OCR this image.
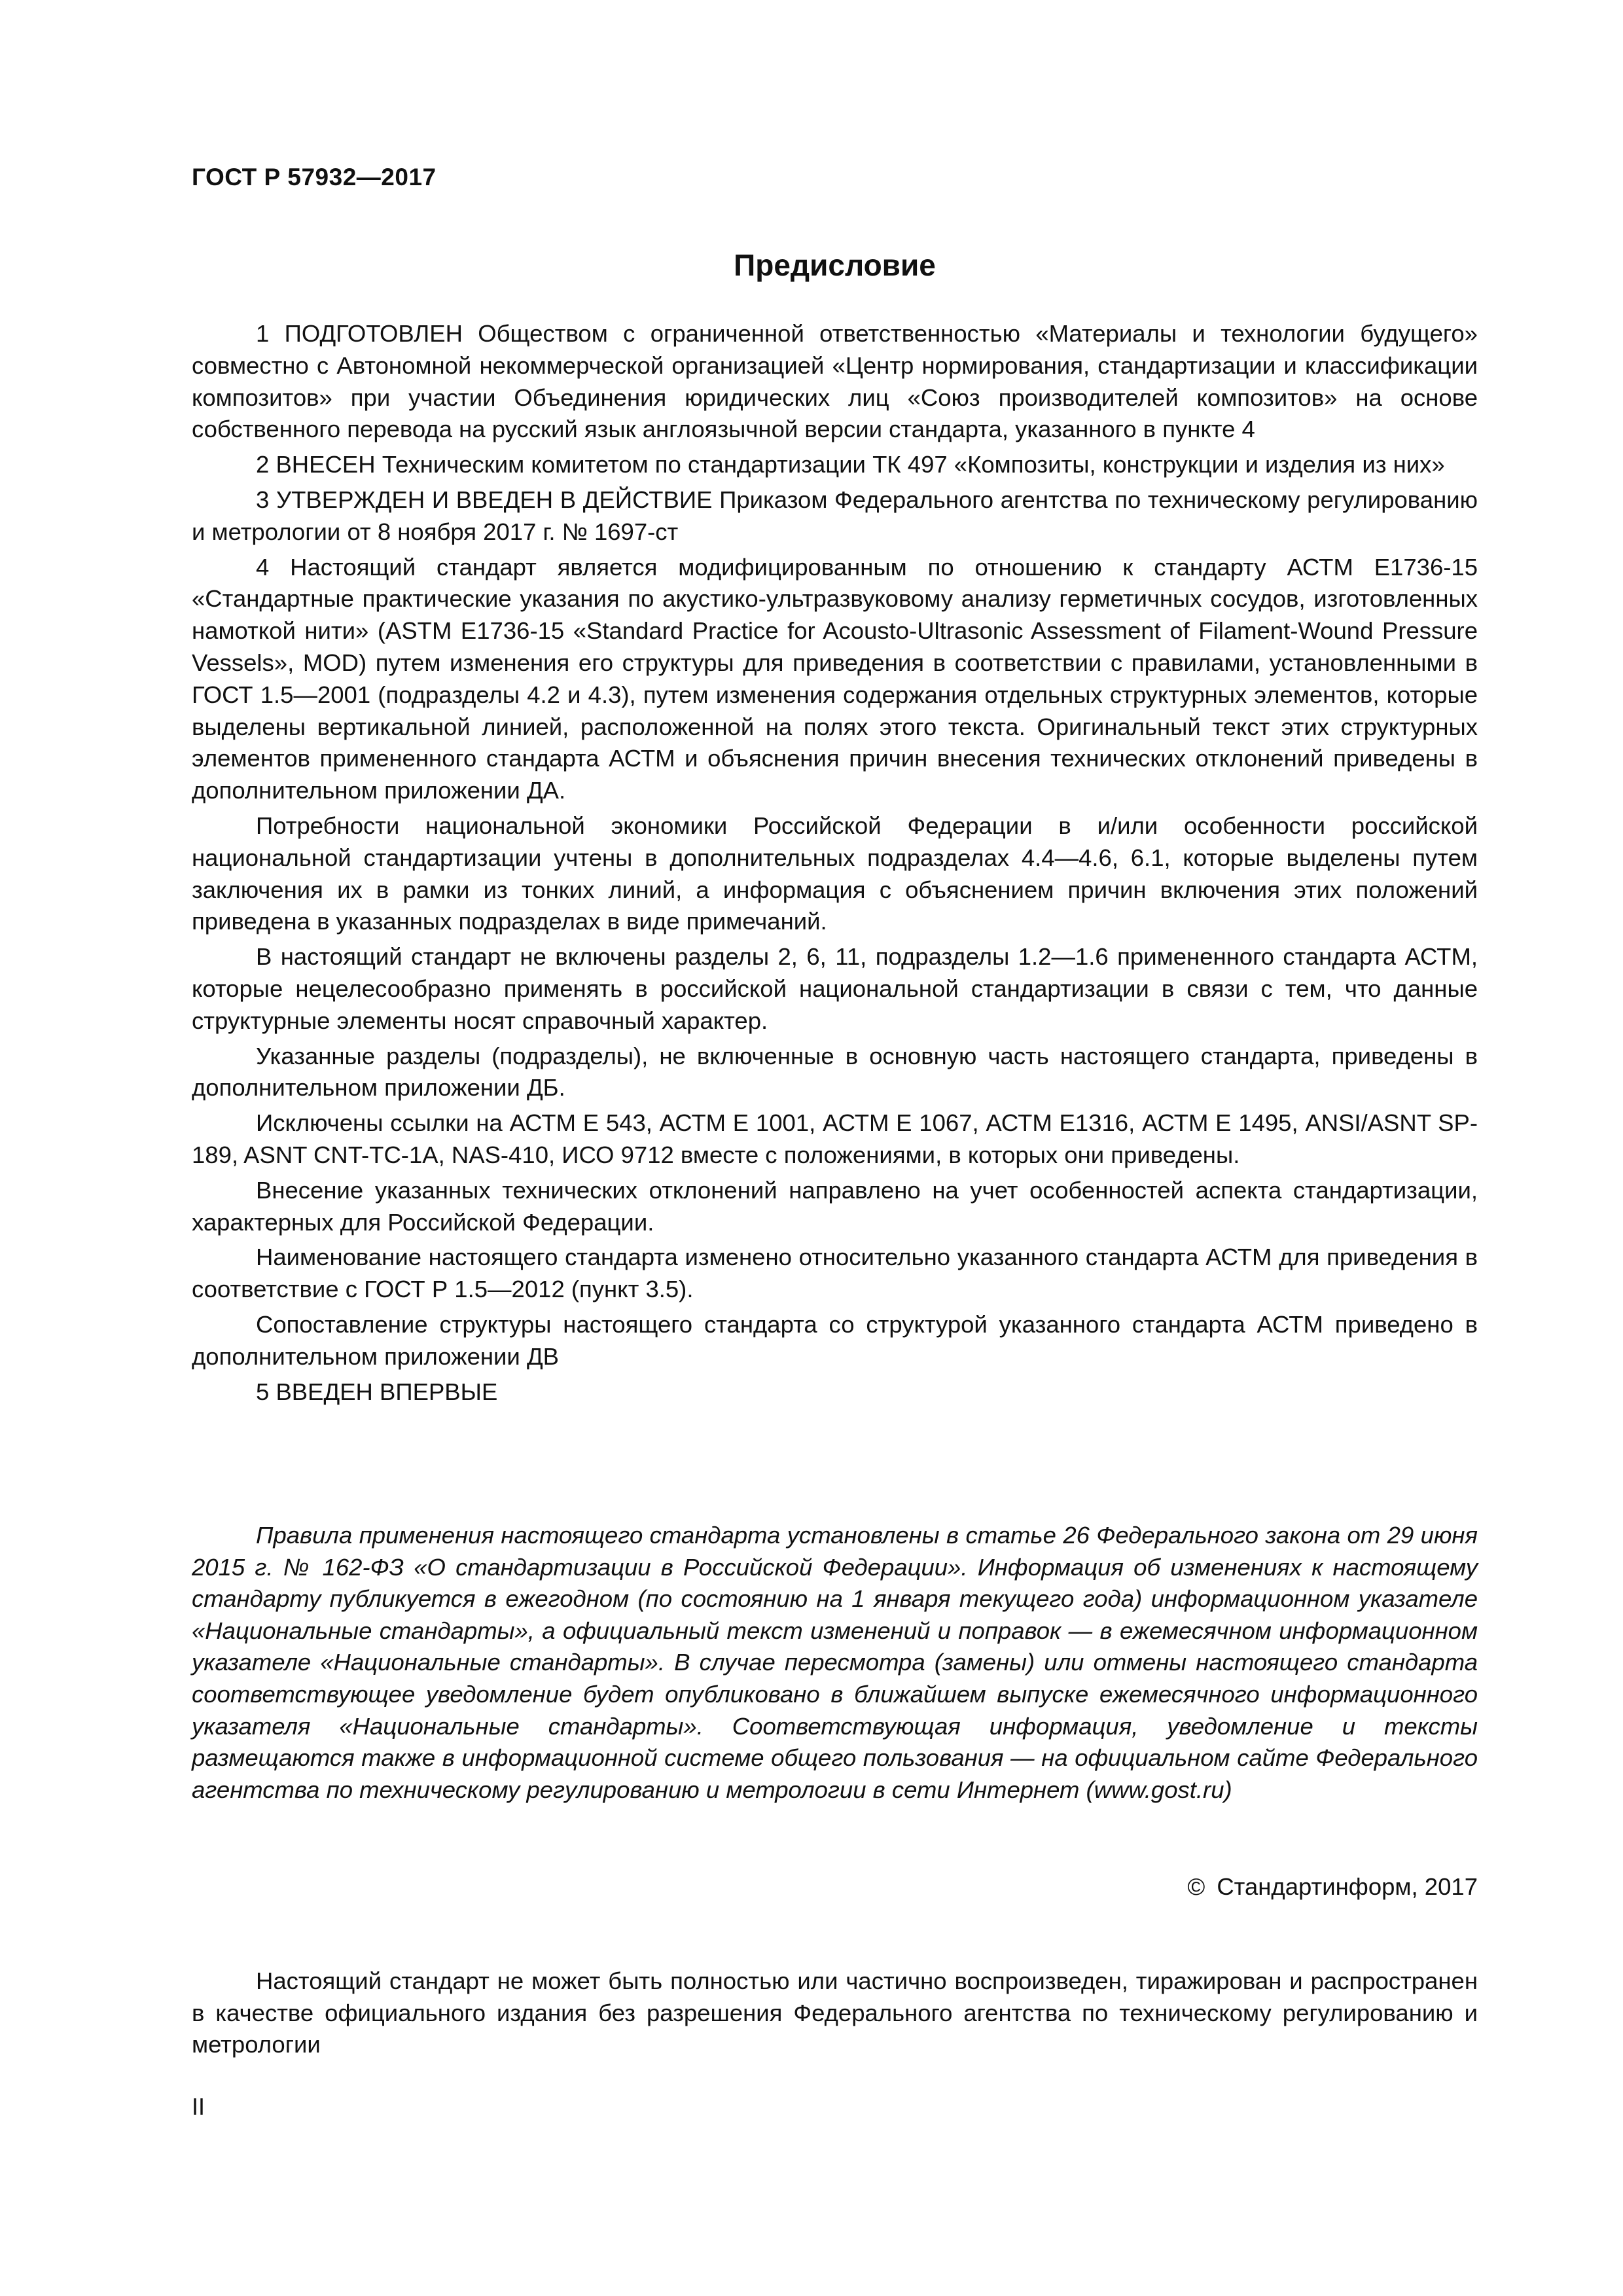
ГОСТ Р 57932—2017
Предисловие

1 ПОДГОТОВЛЕН Обществом с ограниченной ответственностью «Материалы и технологии будущего» совместно с Автономной некоммерческой организацией «Центр нормирования, стандартизации и классификации композитов» при участии Объединения юридических лиц «Союз производителей композитов» на основе собственного перевода на русский язык англоязычной версии стандарта, указанного в пункте 4

2 ВНЕСЕН Техническим комитетом по стандартизации ТК 497 «Композиты, конструкции и изделия из них»

3 УТВЕРЖДЕН И ВВЕДЕН В ДЕЙСТВИЕ Приказом Федерального агентства по техническому регулированию и метрологии от 8 ноября 2017 г. № 1697-ст

4 Настоящий стандарт является модифицированным по отношению к стандарту АСТМ Е1736-15 «Стандартные практические указания по акустико-ультразвуковому анализу герметичных сосудов, изготовленных намоткой нити» (ASTM E1736-15 «Standard Practice for Acousto-Ultrasonic Assessment of Filament-Wound Pressure Vessels», MOD) путем изменения его структуры для приведения в соответствии с правилами, установленными в ГОСТ 1.5—2001 (подразделы 4.2 и 4.3), путем изменения содержания отдельных структурных элементов, которые выделены вертикальной линией, расположенной на полях этого текста. Оригинальный текст этих структурных элементов примененного стандарта АСТМ и объяснения причин внесения технических отклонений приведены в дополнительном приложении ДА.

Потребности национальной экономики Российской Федерации в и/или особенности российской национальной стандартизации учтены в дополнительных подразделах 4.4—4.6, 6.1, которые выделены путем заключения их в рамки из тонких линий, а информация с объяснением причин включения этих положений приведена в указанных подразделах в виде примечаний.

В настоящий стандарт не включены разделы 2, 6, 11, подразделы 1.2—1.6 примененного стандарта АСТМ, которые нецелесообразно применять в российской национальной стандартизации в связи с тем, что данные структурные элементы носят справочный характер.

Указанные разделы (подразделы), не включенные в основную часть настоящего стандарта, приведены в дополнительном приложении ДБ.

Исключены ссылки на АСТМ Е 543, АСТМ Е 1001, АСТМ Е 1067, АСТМ Е1316, АСТМ Е 1495, ANSI/ASNT SP-189, ASNT CNT-TC-1A, NAS-410, ИСО 9712 вместе с положениями, в которых они приведены.

Внесение указанных технических отклонений направлено на учет особенностей аспекта стандартизации, характерных для Российской Федерации.

Наименование настоящего стандарта изменено относительно указанного стандарта АСТМ для приведения в соответствие с ГОСТ Р 1.5—2012 (пункт 3.5).

Сопоставление структуры настоящего стандарта со структурой указанного стандарта АСТМ приведено в дополнительном приложении ДВ

5 ВВЕДЕН ВПЕРВЫЕ

Правила применения настоящего стандарта установлены в статье 26 Федерального закона от 29 июня 2015 г. № 162-ФЗ «О стандартизации в Российской Федерации». Информация об изменениях к настоящему стандарту публикуется в ежегодном (по состоянию на 1 января текущего года) информационном указателе «Национальные стандарты», а официальный текст изменений и поправок — в ежемесячном информационном указателе «Национальные стандарты». В случае пересмотра (замены) или отмены настоящего стандарта соответствующее уведомление будет опубликовано в ближайшем выпуске ежемесячного информационного указателя «Национальные стандарты». Соответствующая информация, уведомление и тексты размещаются также в информационной системе общего пользования — на официальном сайте Федерального агентства по техническому регулированию и метрологии в сети Интернет (www.gost.ru)

© Стандартинформ, 2017

Настоящий стандарт не может быть полностью или частично воспроизведен, тиражирован и распространен в качестве официального издания без разрешения Федерального агентства по техническому регулированию и метрологии

II
